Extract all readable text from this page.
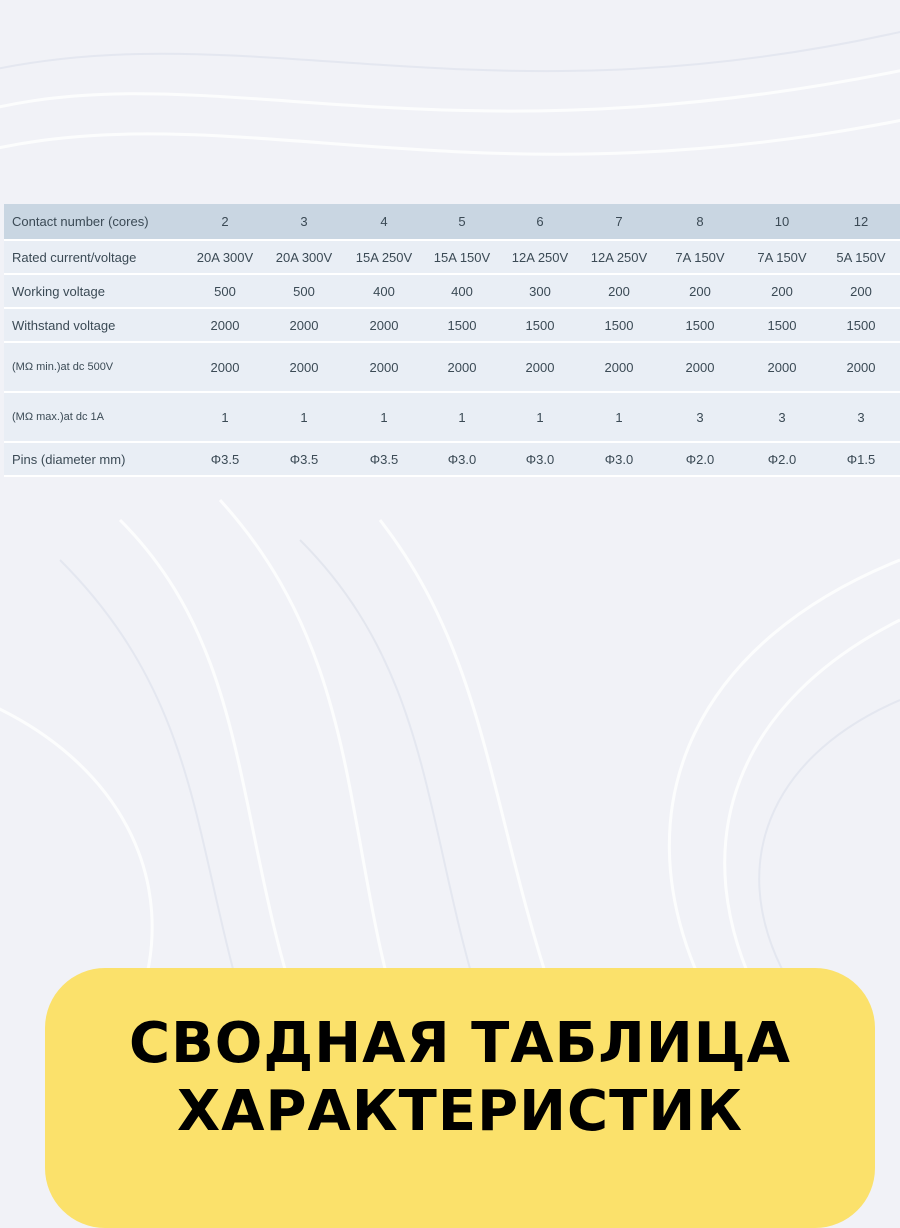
Contact number (cores)	2	3	4	5	6	7	8	10	12
Rated current/voltage	20A 300V	20A 300V	15A 250V	15A 150V	12A 250V	12A 250V	7A 150V	7A 150V	5A 150V
Working voltage	500	500	400	400	300	200	200	200	200
Withstand voltage	2000	2000	2000	1500	1500	1500	1500	1500	1500
(MΩ min.)at dc 500V	2000	2000	2000	2000	2000	2000	2000	2000	2000
(MΩ max.)at dc 1A	1	1	1	1	1	1	3	3	3
Pins (diameter mm)	Φ3.5	Φ3.5	Φ3.5	Φ3.0	Φ3.0	Φ3.0	Φ2.0	Φ2.0	Φ1.5
СВОДНАЯ ТАБЛИЦА
ХАРАКТЕРИСТИК
